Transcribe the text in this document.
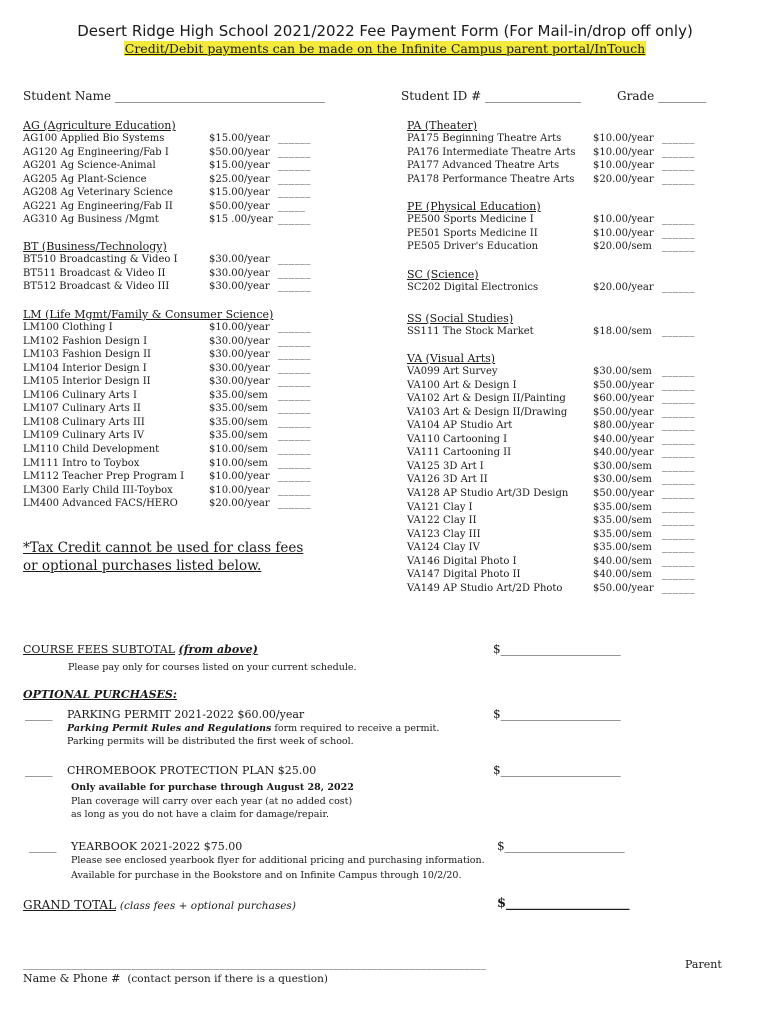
Desert Ridge High School 2021/2022 Fee Payment Form (For Mail-in/drop off only)
Credit/Debit payments can be made on the Infinite Campus parent portal/InTouch
Student Name ___________________________________	Student ID # ________________	Grade ________
AG (Agriculture Education)
AG100 Applied Bio Systems	$15.00/year ______
AG120 Ag Engineering/Fab I	$50.00/year ______
AG201 Ag Science-Animal	$15.00/year ______
AG205 Ag Plant-Science	$25.00/year ______
AG208 Ag Veterinary Science	$15.00/year ______
AG221 Ag Engineering/Fab II	$50.00/year _____
AG310 Ag Business /Mgmt	$15 .00/year ______
BT (Business/Technology)
BT510 Broadcasting & Video I	$30.00/year ______
BT511 Broadcast & Video II	$30.00/year ______
BT512 Broadcast & Video III	$30.00/year ______
LM (Life Mgmt/Family & Consumer Science)
LM100 Clothing I	$10.00/year ______
LM102 Fashion Design I	$30.00/year ______
LM103 Fashion Design II	$30.00/year ______
LM104 Interior Design I	$30.00/year ______
LM105 Interior Design II	$30.00/year ______
LM106 Culinary Arts I	$35.00/sem ______
LM107 Culinary Arts II	$35.00/sem ______
LM108 Culinary Arts III	$35.00/sem ______
LM109 Culinary Arts IV	$35.00/sem ______
LM110 Child Development	$10.00/sem ______
LM111 Intro to Toybox	$10.00/sem ______
LM112 Teacher Prep Program I $10.00/year ______
LM300 Early Child III-Toybox	$10.00/year ______
LM400 Advanced FACS/HERO	$20.00/year ______
PA (Theater)
PA175 Beginning Theatre Arts	$10.00/year ______
PA176 Intermediate Theatre Arts $10.00/year ______
PA177 Advanced Theatre Arts	$10.00/year ______
PA178 Performance Theatre Arts $20.00/year ______
PE (Physical Education)
PE500 Sports Medicine I	$10.00/year ______
PE501 Sports Medicine II	$10.00/year ______
PE505 Driver's Education	$20.00/sem ______
SC (Science)
SC202 Digital Electronics	$20.00/year ______
SS (Social Studies)
SS111 The Stock Market	$18.00/sem ______
VA (Visual Arts)
VA099 Art Survey	$30.00/sem ______
VA100 Art & Design I	$50.00/year ______
VA102 Art & Design II/Painting	$60.00/year ______
VA103 Art & Design II/Drawing	$50.00/year ______
VA104 AP Studio Art	$80.00/year ______
VA110 Cartooning I	$40.00/year ______
VA111 Cartooning II	$40.00/year ______
VA125 3D Art I	$30.00/sem ______
VA126 3D Art II	$30.00/sem ______
VA128 AP Studio Art/3D Design $50.00/year ______
VA121 Clay I	$35.00/sem ______
VA122 Clay II	$35.00/sem ______
VA123 Clay III	$35.00/sem ______
VA124 Clay IV	$35.00/sem ______
VA146 Digital Photo I	$40.00/sem ______
VA147 Digital Photo II	$40.00/sem ______
VA149 AP Studio Art/2D Photo	$50.00/year ______
*Tax Credit cannot be used for class fees
or optional purchases listed below.
COURSE FEES SUBTOTAL (from above)	$____________________
Please pay only for courses listed on your current schedule.
OPTIONAL PURCHASES:
_____ PARKING PERMIT 2021-2022 $60.00/year	$____________________
Parking Permit Rules and Regulations form required to receive a permit.
Parking permits will be distributed the first week of school.
_____ CHROMEBOOK PROTECTION PLAN $25.00	$____________________
Only available for purchase through August 28, 2022
Plan coverage will carry over each year (at no added cost)
as long as you do not have a claim for damage/repair.
_____ YEARBOOK 2021-2022 $75.00	$____________________
Please see enclosed yearbook flyer for additional pricing and purchasing information.
Available for purchase in the Bookstore and on Infinite Campus through 10/2/20.
GRAND TOTAL (class fees + optional purchases)	$___________________
_____________________________________________________________________________________	Parent
Name & Phone # (contact person if there is a question)
